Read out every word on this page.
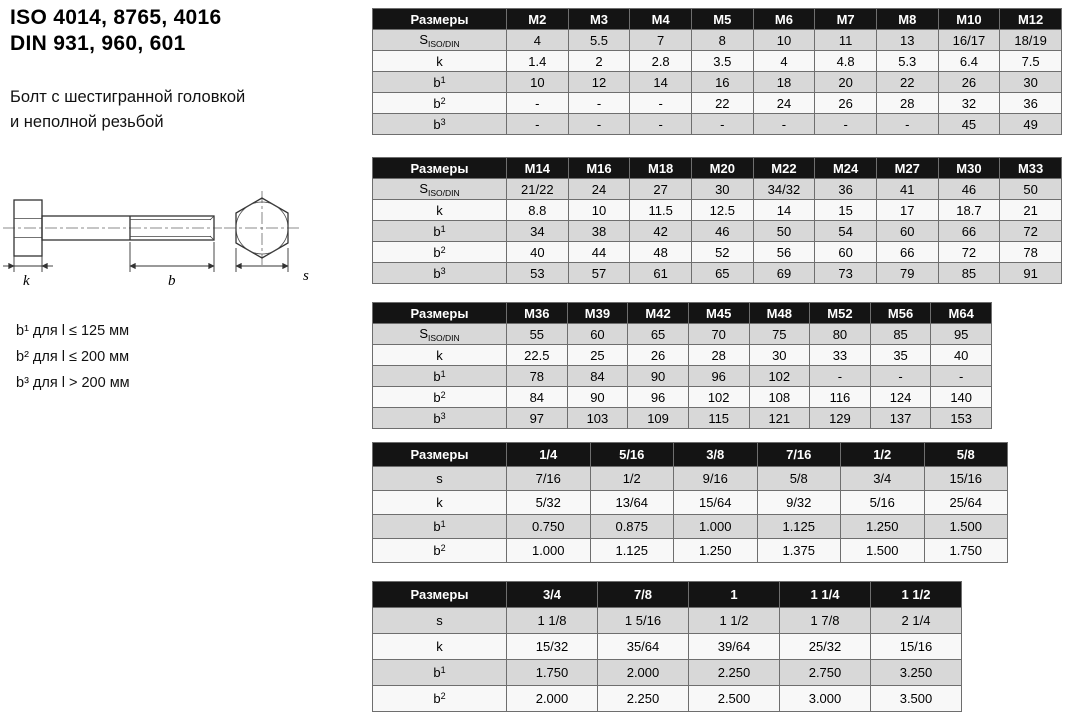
ISO 4014, 8765, 4016
DIN 931, 960, 601
Болт с шестигранной головкой
и неполной резьбой
k	b	s
b¹ для l ≤ 125 мм
b² для l ≤ 200 мм
b³ для l > 200 мм
Размеры	M2	M3	M4	M5	M6	M7	M8	M10	M12
$S_{ISO/DIN}$	4	5.5	7	8	10	11	13	16/17	18/19
k	1.4	2	2.8	3.5	4	4.8	5.3	6.4	7.5
$b^1$	10	12	14	16	18	20	22	26	30
$b^2$	-	-	-	22	24	26	28	32	36
$b^3$	-	-	-	-	-	-	-	45	49
Размеры	M14	M16	M18	M20	M22	M24	M27	M30	M33
$S_{ISO/DIN}$	21/22	24	27	30	34/32	36	41	46	50
k	8.8	10	11.5	12.5	14	15	17	18.7	21
$b^1$	34	38	42	46	50	54	60	66	72
$b^2$	40	44	48	52	56	60	66	72	78
$b^3$	53	57	61	65	69	73	79	85	91
Размеры	M36	M39	M42	M45	M48	M52	M56	M64
$S_{ISO/DIN}$	55	60	65	70	75	80	85	95
k	22.5	25	26	28	30	33	35	40
$b^1$	78	84	90	96	102	-	-	-
$b^2$	84	90	96	102	108	116	124	140
$b^3$	97	103	109	115	121	129	137	153
Размеры	1/4	5/16	3/8	7/16	1/2	5/8
s	7/16	1/2	9/16	5/8	3/4	15/16
k	5/32	13/64	15/64	9/32	5/16	25/64
$b^1$	0.750	0.875	1.000	1.125	1.250	1.500
$b^2$	1.000	1.125	1.250	1.375	1.500	1.750
Размеры	3/4	7/8	1	1 1/4	1 1/2
s	1 1/8	1 5/16	1 1/2	1 7/8	2 1/4
k	15/32	35/64	39/64	25/32	15/16
$b^1$	1.750	2.000	2.250	2.750	3.250
$b^2$	2.000	2.250	2.500	3.000	3.500
